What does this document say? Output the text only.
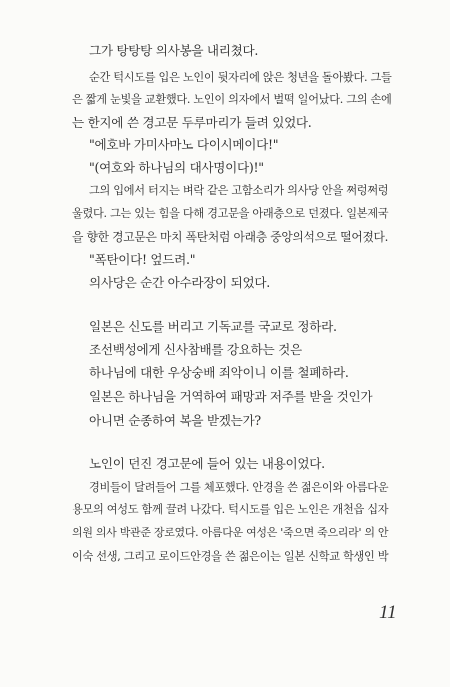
그가 탕탕탕 의사봉을 내리쳤다.
순간 턱시도를 입은 노인이 뒷자리에 앉은 청년을 돌아봤다. 그들
은 짧게 눈빛을 교환했다. 노인이 의자에서 벌떡 일어났다. 그의 손에
는 한지에 쓴 경고문 두루마리가 들려 있었다.
"에호바 가미사마노 다이시메이다!"
"(여호와 하나님의 대사명이다)!"
그의 입에서 터지는 벼락 같은 고함소리가 의사당 안을 쩌렁쩌렁
울렸다. 그는 있는 힘을 다해 경고문을 아래층으로 던졌다. 일본제국
을 향한 경고문은 마치 폭탄처럼 아래층 중앙의석으로 떨어졌다.
"폭탄이다! 엎드려."
의사당은 순간 아수라장이 되었다.
일본은 신도를 버리고 기독교를 국교로 정하라.
조선백성에게 신사참배를 강요하는 것은
하나님에 대한 우상숭배 죄악이니 이를 철폐하라.
일본은 하나님을 거역하여 패망과 저주를 받을 것인가
아니면 순종하여 복을 받겠는가?
노인이 던진 경고문에 들어 있는 내용이었다.
경비들이 달려들어 그를 체포했다. 안경을 쓴 젊은이와 아름다운
용모의 여성도 함께 끌려 나갔다. 턱시도를 입은 노인은 개천읍 십자
의원 의사 박관준 장로였다. 아름다운 여성은 '죽으면 죽으리라' 의 안
이숙 선생, 그리고 로이드안경을 쓴 젊은이는 일본 신학교 학생인 박
11
